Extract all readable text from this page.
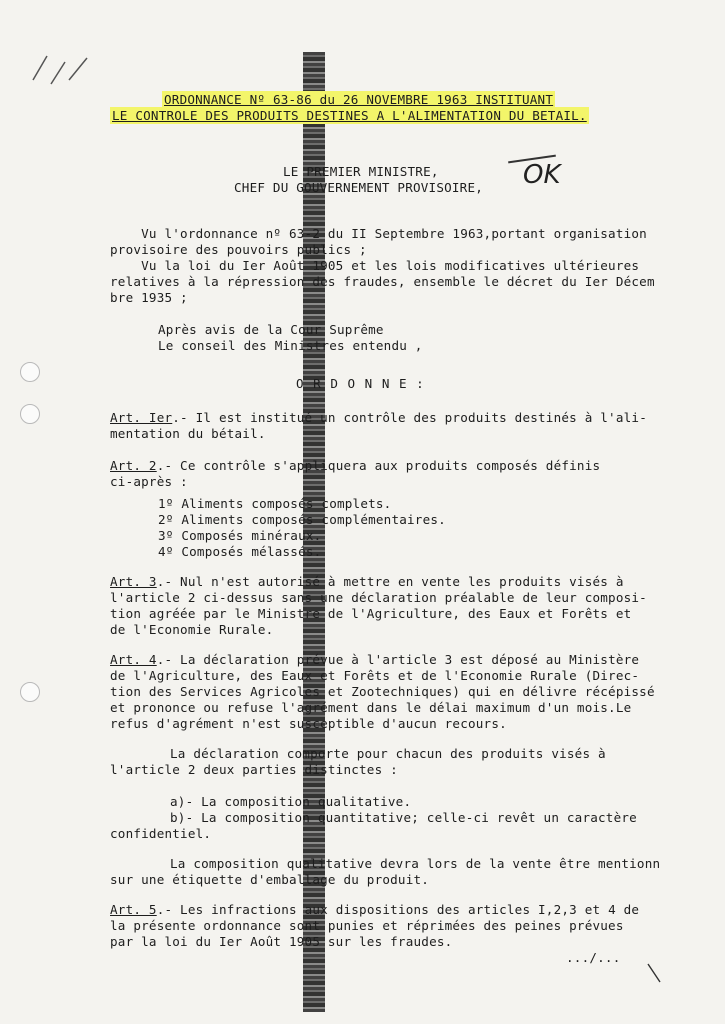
ORDONNANCE Nº 63-86 du 26 NOVEMBRE 1963 INSTITUANT
LE CONTROLE DES PRODUITS DESTINES A L'ALIMENTATION DU BETAIL.
LE PREMIER MINISTRE,
CHEF DU GOUVERNEMENT PROVISOIRE, OK
Vu l'ordonnance nº 63-2 du II Septembre 1963,portant organisation
provisoire des pouvoirs publics ;
Vu la loi du Ier Août 1905 et les lois modificatives ultérieures
relatives à la répression des fraudes, ensemble le décret du Ier Décem
bre 1935 ;
Après avis de la Cour Suprême
Le conseil des Ministres entendu ,
O R D O N N E :
Art. Ier.- Il est institué un contrôle des produits destinés à l'ali-
mentation du bétail.
Art. 2.- Ce contrôle s'appliquera aux produits composés définis
ci-après :
1º Aliments composés complets.
2º Aliments composés complémentaires.
3º Composés minéraux.
4º Composés mélassés.
Art. 3.- Nul n'est autorisé à mettre en vente les produits visés à
l'article 2 ci-dessus sans une déclaration préalable de leur composi-
tion agréée par le Ministre de l'Agriculture, des Eaux et Forêts et
de l'Economie Rurale.
Art. 4.- La déclaration prévue à l'article 3 est déposé au Ministère
de l'Agriculture, des Eaux et Forêts et de l'Economie Rurale (Direc-
tion des Services Agricoles et Zootechniques) qui en délivre récépissé
et prononce ou refuse l'agrément dans le délai maximum d'un mois.Le
refus d'agrément n'est susceptible d'aucun recours.
La déclaration comporte pour chacun des produits visés à
l'article 2 deux parties distinctes :
a)- La composition qualitative.
b)- La composition quantitative; celle-ci revêt un caractère
confidentiel.
La composition qualitative devra lors de la vente être mentionn
sur une étiquette d'emballage du produit.
Art. 5.- Les infractions aux dispositions des articles I,2,3 et 4 de
la présente ordonnance sont punies et réprimées des peines prévues
par la loi du Ier Août 1905 sur les fraudes.
.../...
